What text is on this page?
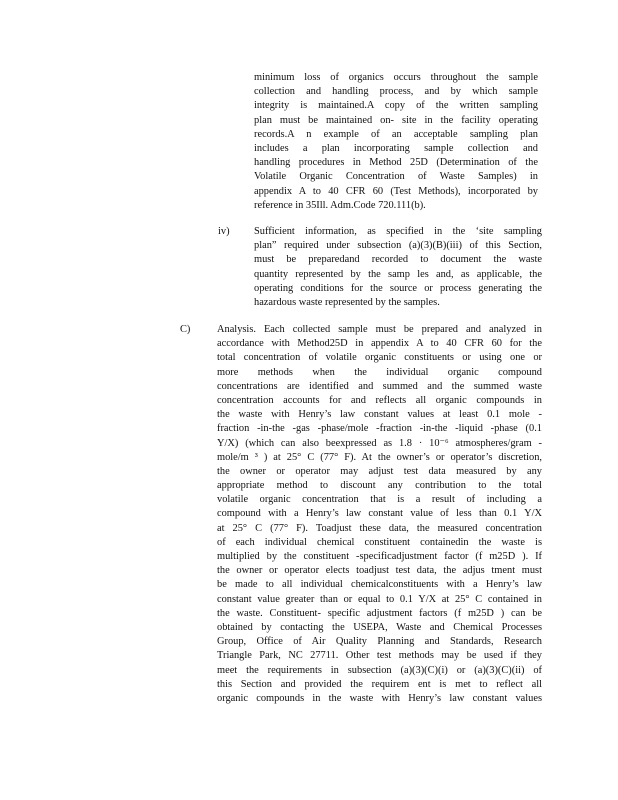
minimum loss of organics occurs throughout the sample
collection and handling process, and by which sample
integrity is maintained.A copy of the written sampling
plan must be maintained on- site in the facility operating
records.A n example of an acceptable sampling plan
includes a plan incorporating sample collection and
handling procedures in Method 25D (Determination of the
Volatile Organic Concentration of Waste Samples) in
appendix A to 40 CFR 60 (Test Methods), incorporated by
reference in 35Ill. Adm.Code 720.111(b).
iv) Sufficient information, as specified in the ‘site sampling
plan” required under subsection (a)(3)(B)(iii) of this Section,
must be preparedand recorded to document the waste
quantity represented by the samp les and, as applicable, the
operating conditions for the source or process generating the
hazardous waste represented by the samples.
C)	Analysis. Each collected sample must be prepared and analyzed in
accordance with Method25D in appendix A to 40 CFR 60 for the
total concentration of volatile organic constituents or using one or
more methods when the individual organic compound
concentrations are identified and summed and the summed waste
concentration accounts for and reflects all organic compounds in
the waste with Henry’s law constant values at least 0.1 mole -
fraction -in-the -gas -phase/mole -fraction -in-the -liquid -phase (0.1
Y/X) (which can also beexpressed as 1.8 · 10⁻⁶ atmospheres/gram -
mole/m ³ ) at 25° C (77° F). At the owner’s or operator’s discretion,
the owner or operator may adjust test data measured by any
appropriate method to discount any contribution to the total
volatile organic concentration that is a result of including a
compound with a Henry’s law constant value of less than 0.1 Y/X
at 25° C (77° F). Toadjust these data, the measured concentration
of each individual chemical constituent containedin the waste is
multiplied by the constituent -specificadjustment factor (f m25D ). If
the owner or operator elects toadjust test data, the adjus tment must
be made to all individual chemicalconstituents with a Henry’s law
constant value greater than or equal to 0.1 Y/X at 25° C contained in
the waste. Constituent- specific adjustment factors (f m25D ) can be
obtained by contacting the USEPA, Waste and Chemical Processes
Group, Office of Air Quality Planning and Standards, Research
Triangle Park, NC 27711. Other test methods may be used if they
meet the requirements in subsection (a)(3)(C)(i) or (a)(3)(C)(ii) of
this Section and provided the requirem ent is met to reflect all
organic compounds in the waste with Henry’s law constant values
